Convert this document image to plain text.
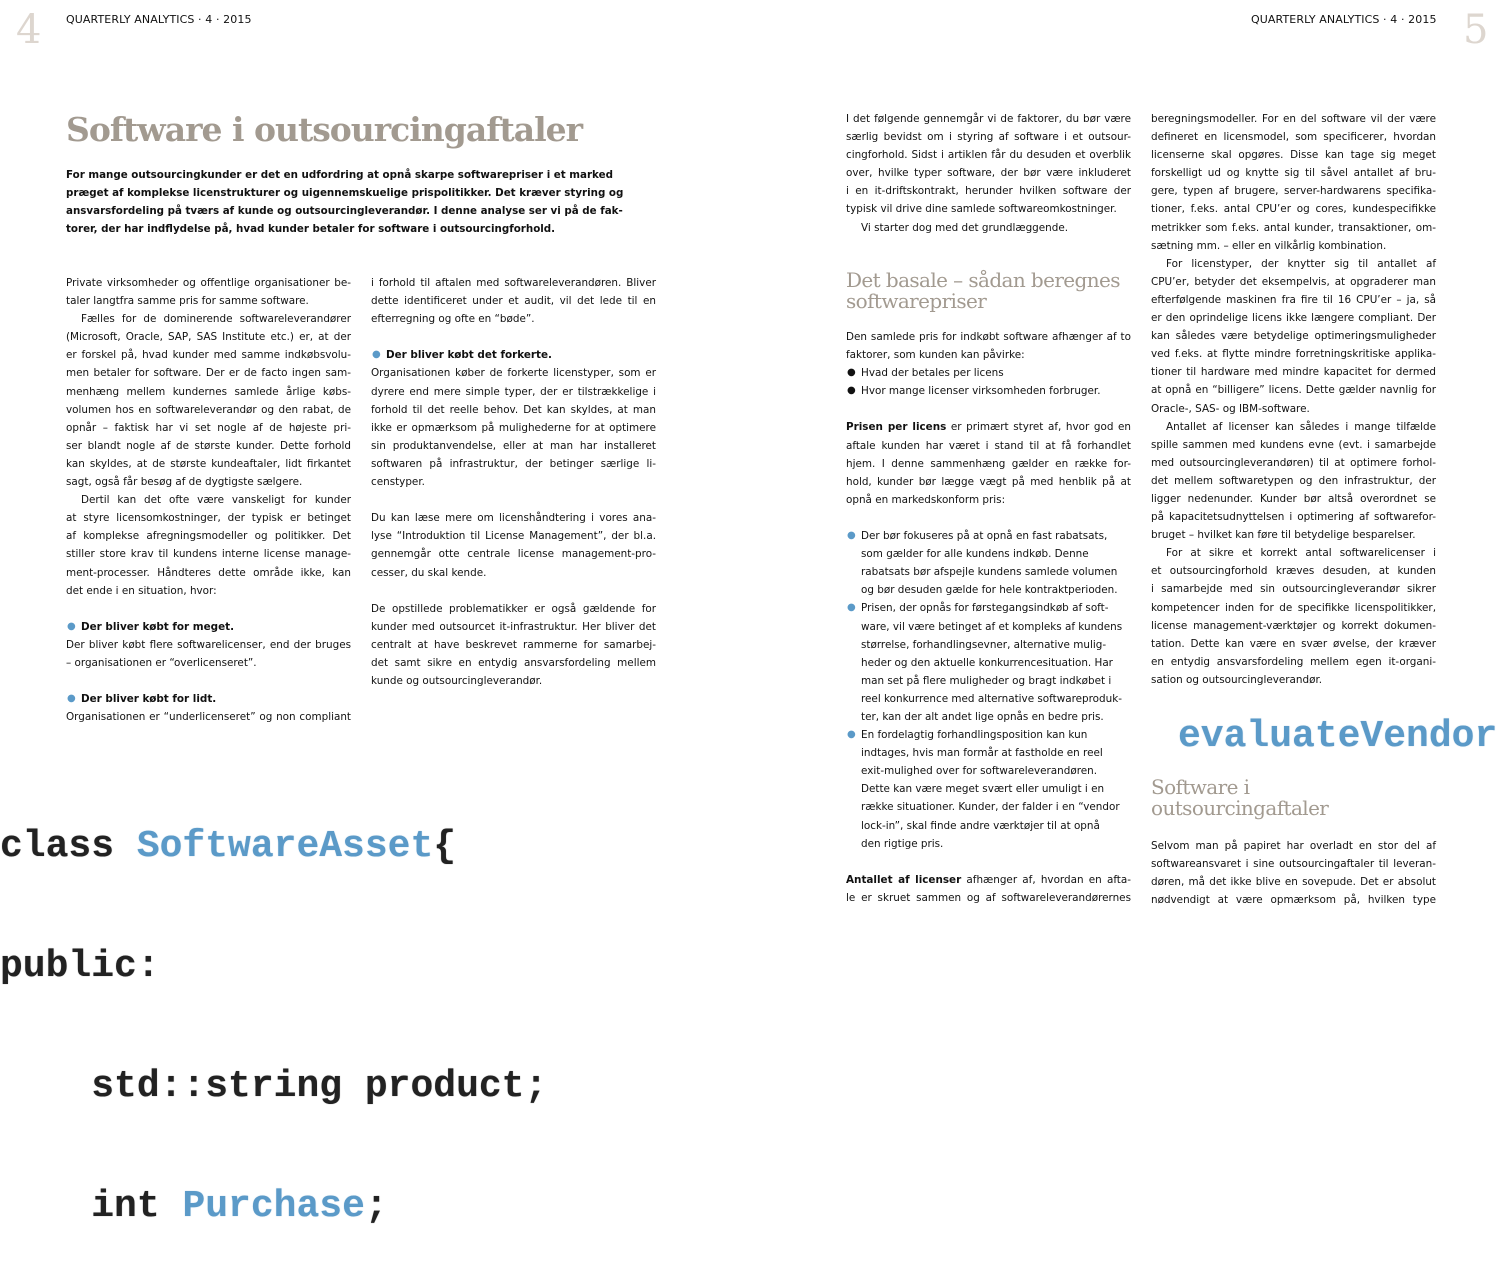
4 QUARTERLY ANALYTICS · 4 · 2015	QUARTERLY ANALYTICS · 4 · 2015 5
Software i outsourcingaftaler
For mange outsourcingkunder er det en udfordring at opnå skarpe softwarepriser i et marked
præget af komplekse licenstrukturer og uigennemskuelige prispolitikker. Det kræver styring og
ansvarsfordeling på tværs af kunde og outsourcingleverandør. I denne analyse ser vi på de fak-
torer, der har indflydelse på, hvad kunder betaler for software i outsourcingforhold.
Private virksomheder og offentlige organisationer be-
taler langtfra samme pris for samme software.
Fælles for de dominerende softwareleverandører
(Microsoft, Oracle, SAP, SAS Institute etc.) er, at der
er forskel på, hvad kunder med samme indkøbsvolu-
men betaler for software. Der er de facto ingen sam-
menhæng mellem kundernes samlede årlige købs-
volumen hos en softwareleverandør og den rabat, de
opnår – faktisk har vi set nogle af de højeste pri-
ser blandt nogle af de største kunder. Dette forhold
kan skyldes, at de største kundeaftaler, lidt firkantet
sagt, også får besøg af de dygtigste sælgere.
Dertil kan det ofte være vanskeligt for kunder
at styre licensomkostninger, der typisk er betinget
af komplekse afregningsmodeller og politikker. Det
stiller store krav til kundens interne license manage-
ment-processer. Håndteres dette område ikke, kan
det ende i en situation, hvor:
● Der bliver købt for meget.
Der bliver købt flere softwarelicenser, end der bruges
– organisationen er “overlicenseret”.
● Der bliver købt for lidt.
Organisationen er “underlicenseret” og non compliant
i forhold til aftalen med softwareleverandøren. Bliver
dette identificeret under et audit, vil det lede til en
efterregning og ofte en “bøde”.
● Der bliver købt det forkerte.
Organisationen køber de forkerte licenstyper, som er
dyrere end mere simple typer, der er tilstrækkelige i
forhold til det reelle behov. Det kan skyldes, at man
ikke er opmærksom på mulighederne for at optimere
sin produktanvendelse, eller at man har installeret
softwaren på infrastruktur, der betinger særlige li-
censtyper.
Du kan læse mere om licenshåndtering i vores ana-
lyse “Introduktion til License Management”, der bl.a.
gennemgår otte centrale license management-pro-
cesser, du skal kende.
De opstillede problematikker er også gældende for
kunder med outsourcet it-infrastruktur. Her bliver det
centralt at have beskrevet rammerne for samarbej-
det samt sikre en entydig ansvarsfordeling mellem
kunde og outsourcingleverandør.
I det følgende gennemgår vi de faktorer, du bør være
særlig bevidst om i styring af software i et outsour-
cingforhold. Sidst i artiklen får du desuden et overblik
over, hvilke typer software, der bør være inkluderet
i en it-driftskontrakt, herunder hvilken software der
typisk vil drive dine samlede softwareomkostninger.
Vi starter dog med det grundlæggende.
Det basale – sådan beregnes
softwarepriser
Den samlede pris for indkøbt software afhænger af to
faktorer, som kunden kan påvirke:
● Hvad der betales per licens
● Hvor mange licenser virksomheden forbruger.
Prisen per licens er primært styret af, hvor god en
aftale kunden har været i stand til at få forhandlet
hjem. I denne sammenhæng gælder en række for-
hold, kunder bør lægge vægt på med henblik på at
opnå en markedskonform pris:
● Der bør fokuseres på at opnå en fast rabatsats,
som gælder for alle kundens indkøb. Denne
rabatsats bør afspejle kundens samlede volumen
og bør desuden gælde for hele kontraktperioden.
● Prisen, der opnås for førstegangsindkøb af soft-
ware, vil være betinget af et kompleks af kundens
størrelse, forhandlingsevner, alternative mulig-
heder og den aktuelle konkurrencesituation. Har
man set på flere muligheder og bragt indkøbet i
reel konkurrence med alternative softwareproduk-
ter, kan der alt andet lige opnås en bedre pris.
● En fordelagtig forhandlingsposition kan kun
indtages, hvis man formår at fastholde en reel
exit-mulighed over for softwareleverandøren.
Dette kan være meget svært eller umuligt i en
række situationer. Kunder, der falder i en “vendor
lock-in”, skal finde andre værktøjer til at opnå
den rigtige pris.
Antallet af licenser afhænger af, hvordan en afta-
le er skruet sammen og af softwareleverandørernes
beregningsmodeller. For en del software vil der være
defineret en licensmodel, som specificerer, hvordan
licenserne skal opgøres. Disse kan tage sig meget
forskelligt ud og knytte sig til såvel antallet af bru-
gere, typen af brugere, server-hardwarens specifika-
tioner, f.eks. antal CPU’er og cores, kundespecifikke
metrikker som f.eks. antal kunder, transaktioner, om-
sætning mm. – eller en vilkårlig kombination.
For licenstyper, der knytter sig til antallet af
CPU’er, betyder det eksempelvis, at opgraderer man
efterfølgende maskinen fra fire til 16 CPU’er – ja, så
er den oprindelige licens ikke længere compliant. Der
kan således være betydelige optimeringsmuligheder
ved f.eks. at flytte mindre forretningskritiske applika-
tioner til hardware med mindre kapacitet for dermed
at opnå en “billigere” licens. Dette gælder navnlig for
Oracle-, SAS- og IBM-software.
Antallet af licenser kan således i mange tilfælde
spille sammen med kundens evne (evt. i samarbejde
med outsourcingleverandøren) til at optimere forhol-
det mellem softwaretypen og den infrastruktur, der
ligger nedenunder. Kunder bør altså overordnet se
på kapacitetsudnyttelsen i optimering af softwarefor-
bruget – hvilket kan føre til betydelige besparelser.
For at sikre et korrekt antal softwarelicenser i
et outsourcingforhold kræves desuden, at kunden
i samarbejde med sin outsourcingleverandør sikrer
kompetencer inden for de specifikke licenspolitikker,
license management-værktøjer og korrekt dokumen-
tation. Dette kan være en svær øvelse, der kræver
en entydig ansvarsfordeling mellem egen it-organi-
sation og outsourcingleverandør.
evaluateVendor
Software i
outsourcingaftaler
Selvom man på papiret har overladt en stor del af
softwareansvaret i sine outsourcingaftaler til leveran-
døren, må det ikke blive en sovepude. Det er absolut
nødvendigt at være opmærksom på, hvilken type

class SoftwareAsset{

public:

std::string product;

int Purchase;
